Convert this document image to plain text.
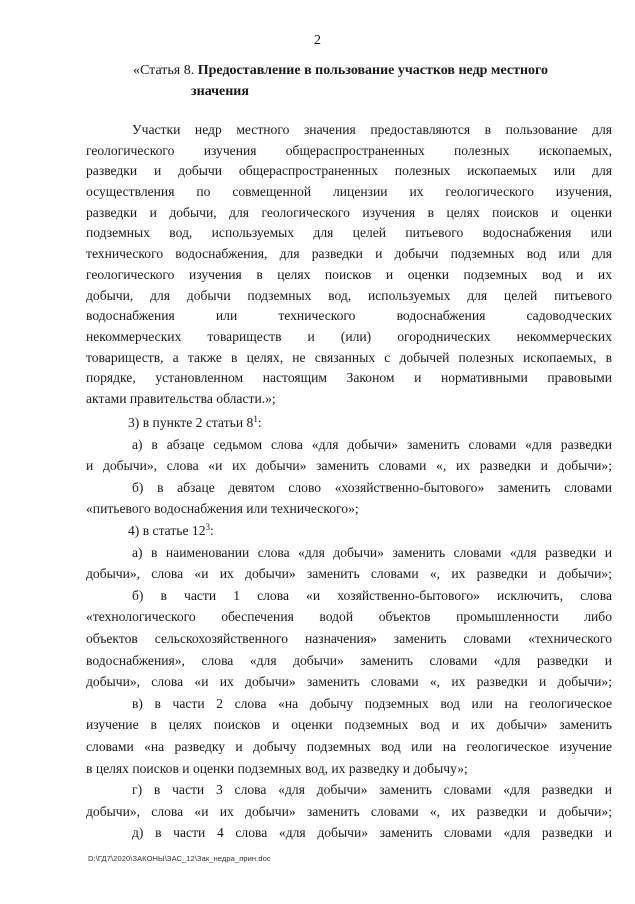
2
«Статья 8. Предоставление в пользование участков недр местного
значения
Участки недр местного значения предоставляются в пользование для
геологического изучения общераспространенных полезных ископаемых,
разведки и добычи общераспространенных полезных ископаемых или для
осуществления по совмещенной лицензии их геологического изучения,
разведки и добычи, для геологического изучения в целях поисков и оценки
подземных вод, используемых для целей питьевого водоснабжения или
технического водоснабжения, для разведки и добычи подземных вод или для
геологического изучения в целях поисков и оценки подземных вод и их
добычи, для добычи подземных вод, используемых для целей питьевого
водоснабжения или технического водоснабжения садоводческих
некоммерческих товариществ и (или) огороднических некоммерческих
товариществ, а также в целях, не связанных с добычей полезных ископаемых, в
порядке, установленном настоящим Законом и нормативными правовыми
актами правительства области.»;
3) в пункте 2 статьи $8^1$:
а) в абзаце седьмом слова «для добычи» заменить словами «для разведки
и добычи», слова «и их добычи» заменить словами «, их разведки и добычи»;
б) в абзаце девятом слово «хозяйственно-бытового» заменить словами
«питьевого водоснабжения или технического»;
4) в статье $12^3$:
а) в наименовании слова «для добычи» заменить словами «для разведки и
добычи», слова «и их добычи» заменить словами «, их разведки и добычи»;
б) в части 1 слова «и хозяйственно-бытового» исключить, слова
«технологического обеспечения водой объектов промышленности либо
объектов сельскохозяйственного назначения» заменить словами «технического
водоснабжения», слова «для добычи» заменить словами «для разведки и
добычи», слова «и их добычи» заменить словами «, их разведки и добычи»;
в) в части 2 слова «на добычу подземных вод или на геологическое
изучение в целях поисков и оценки подземных вод и их добычи» заменить
словами «на разведку и добычу подземных вод или на геологическое изучение
в целях поисков и оценки подземных вод, их разведку и добычу»;
г) в части 3 слова «для добычи» заменить словами «для разведки и
добычи», слова «и их добычи» заменить словами «, их разведки и добычи»;
д) в части 4 слова «для добычи» заменить словами «для разведки и
D:\ГД7\2020\ЗАКОНЫ\ЗАС_12\Зак_недра_прин.doc
